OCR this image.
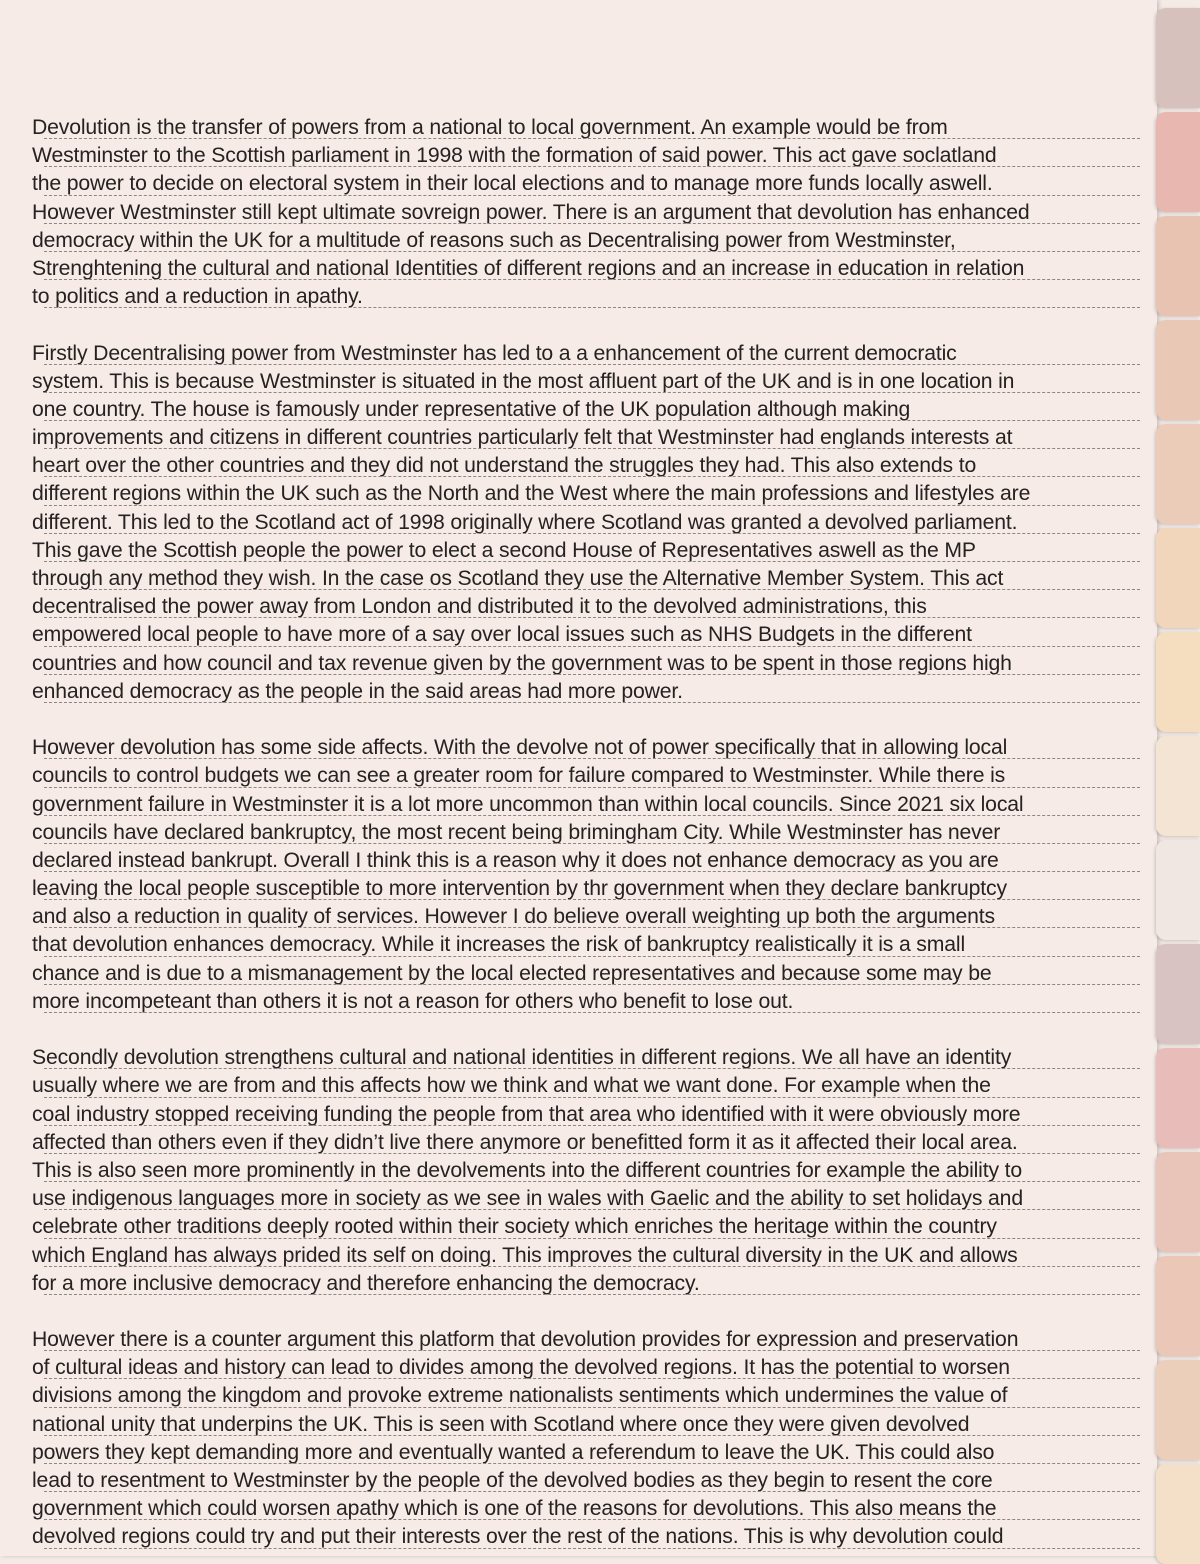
Devolution is the transfer of powers from a national to local government. An example would be from
Westminster to the Scottish parliament in 1998 with the formation of said power. This act gave soclatland
the power to decide on electoral system in their local elections and to manage more funds locally aswell.
However Westminster still kept ultimate sovreign power. There is an argument that devolution has enhanced
democracy within the UK for a multitude of reasons such as Decentralising power from Westminster,
Strenghtening the cultural and national Identities of different regions and an increase in education in relation
to politics and a reduction in apathy.
Firstly Decentralising power from Westminster has led to a a enhancement of the current democratic
system. This is because Westminster is situated in the most affluent part of the UK and is in one location in
one country. The house is famously under representative of the UK population although making
improvements and citizens in different countries particularly felt that Westminster had englands interests at
heart over the other countries and they did not understand the struggles they had. This also extends to
different regions within the UK such as the North and the West where the main professions and lifestyles are
different. This led to the Scotland act of 1998 originally where Scotland was granted a devolved parliament.
This gave the Scottish people the power to elect a second House of Representatives aswell as the MP
through any method they wish. In the case os Scotland they use the Alternative Member System. This act
decentralised the power away from London and distributed it to the devolved administrations, this
empowered local people to have more of a say over local issues such as NHS Budgets in the different
countries and how council and tax revenue given by the government was to be spent in those regions high
enhanced democracy as the people in the said areas had more power.
However devolution has some side affects. With the devolve not of power specifically that in allowing local
councils to control budgets we can see a greater room for failure compared to Westminster. While there is
government failure in Westminster it is a lot more uncommon than within local councils. Since 2021 six local
councils have declared bankruptcy, the most recent being brimingham City. While Westminster has never
declared instead bankrupt. Overall I think this is a reason why it does not enhance democracy as you are
leaving the local people susceptible to more intervention by thr government when they declare bankruptcy
and also a reduction in quality of services. However I do believe overall weighting up both the arguments
that devolution enhances democracy. While it increases the risk of bankruptcy realistically it is a small
chance and is due to a mismanagement by the local elected representatives and because some may be
more incompeteant than others it is not a reason for others who benefit to lose out.
Secondly devolution strengthens cultural and national identities in different regions. We all have an identity
usually where we are from and this affects how we think and what we want done. For example when the
coal industry stopped receiving funding the people from that area who identified with it were obviously more
affected than others even if they didn’t live there anymore or benefitted form it as it affected their local area.
This is also seen more prominently in the devolvements into the different countries for example the ability to
use indigenous languages more in society as we see in wales with Gaelic and the ability to set holidays and
celebrate other traditions deeply rooted within their society which enriches the heritage within the country
which England has always prided its self on doing. This improves the cultural diversity in the UK and allows
for a more inclusive democracy and therefore enhancing the democracy.
However there is a counter argument this platform that devolution provides for expression and preservation
of cultural ideas and history can lead to divides among the devolved regions. It has the potential to worsen
divisions among the kingdom and provoke extreme nationalists sentiments which undermines the value of
national unity that underpins the UK. This is seen with Scotland where once they were given devolved
powers they kept demanding more and eventually wanted a referendum to leave the UK. This could also
lead to resentment to Westminster by the people of the devolved bodies as they begin to resent the core
government which could worsen apathy which is one of the reasons for devolutions. This also means the
devolved regions could try and put their interests over the rest of the nations. This is why devolution could
